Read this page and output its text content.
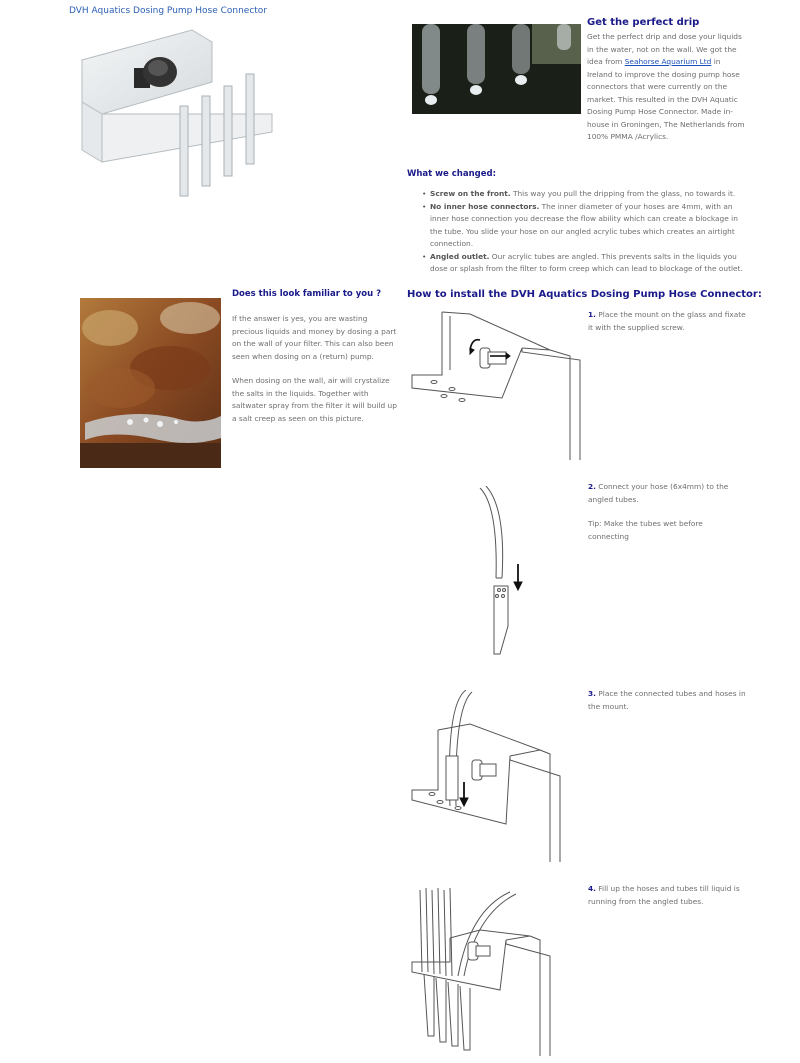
DVH Aquatics Dosing Pump Hose Connector
Get the perfect drip
Get the perfect drip and dose your liquids in the water, not on the wall. We got the idea from Seahorse Aquarium Ltd in Ireland to improve the dosing pump hose connectors that were currently on the market. This resulted in the DVH Aquatic Dosing Pump Hose Connector. Made in-house in Groningen, The Netherlands from 100% PMMA /Acrylics.
What we changed:
• Screw on the front. This way you pull the dripping from the glass, no towards it.
• No inner hose connectors. The inner diameter of your hoses are 4mm, with an inner hose connection you decrease the flow ability which can create a blockage in the tube. You slide your hose on our angled acrylic tubes which creates an airtight connection.
• Angled outlet. Our acrylic tubes are angled. This prevents salts in the liquids you dose or splash from the filter to form creep which can lead to blockage of the outlet.
Does this look familiar to you ?
If the answer is yes, you are wasting precious liquids and money by dosing a part on the wall of your filter. This can also been seen when dosing on a (return) pump.
When dosing on the wall, air will crystalize the salts in the liquids. Together with saltwater spray from the filter it will build up a salt creep as seen on this picture.
How to install the DVH Aquatics Dosing Pump Hose Connector:
1. Place the mount on the glass and fixate it with the supplied screw.
2. Connect your hose (6x4mm) to the angled tubes.
Tip: Make the tubes wet before connecting
3. Place the connected tubes and hoses in the mount.
4. Fill up the hoses and tubes till liquid is running from the angled tubes.
